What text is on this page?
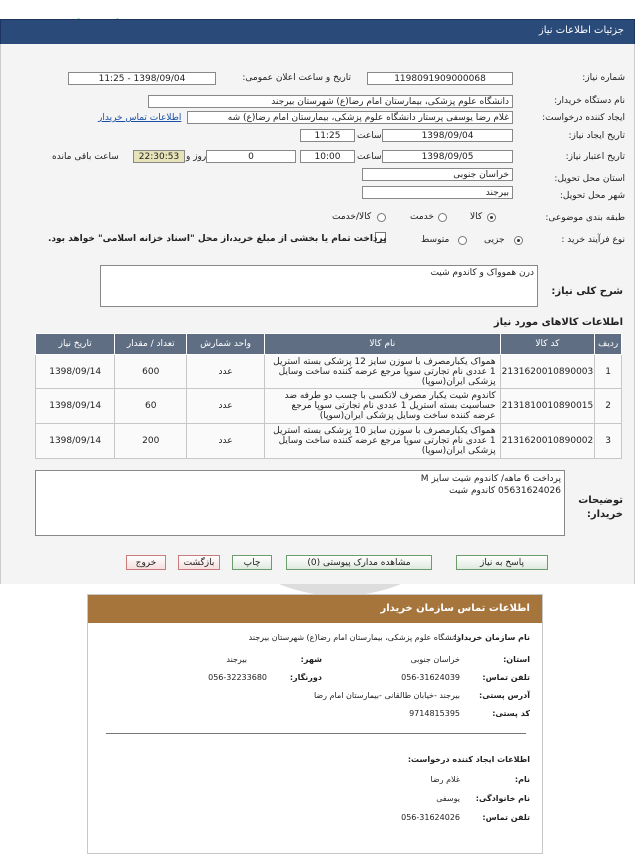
جزئیات اطلاعات نیاز
شماره نیاز:
1198091909000068
تاریخ و ساعت اعلان عمومی:
1398/09/04 - 11:25
نام دستگاه خریدار:
دانشگاه علوم پزشکی، بیمارستان امام رضا(ع) شهرستان بیرجند
ایجاد کننده درخواست:
غلام رضا یوسفی پرستار دانشگاه علوم پزشکی، بیمارستان امام رضا(ع) شه
اطلاعات تماس خریدار
تاریخ ایجاد نیاز:
1398/09/04
ساعت
11:25
تاریخ اعتبار نیاز:
1398/09/05
ساعت
10:00
0
روز و
22:30:53
ساعت باقی مانده
استان محل تحویل:
خراسان جنوبی
شهر محل تحویل:
بیرجند
طبقه بندی موضوعی:
کالا
خدمت
کالا/خدمت
نوع فرآیند خرید :
جزیی
متوسط
پرداخت تمام یا بخشی از مبلغ خرید،از محل "اسناد خزانه اسلامی" خواهد بود.
درن هموواک و کاندوم شیت
شرح کلی نیاز:
اطلاعات کالاهای مورد نیاز
ردیف	کد کالا	نام کالا	واحد شمارش	تعداد / مقدار	تاریخ نیاز
1	2131620010890003	همواک یکبارمصرف با سوزن سایز 12 پزشکی بسته استریل 1 عددی نام تجارتی سوپا مرجع عرضه کننده ساخت وسایل پزشکی ایران(سوپا)	عدد	600	1398/09/14
2	2131810010890015	کاندوم شیت یکبار مصرف لاتکسی با چسب دو طرفه ضد حساسیت بسته استریل 1 عددی نام تجارتی سوپا مرجع عرضه کننده ساخت وسایل پزشکی ایران(سوپا)	عدد	60	1398/09/14
3	2131620010890002	همواک یکبارمصرف با سوزن سایز 10 پزشکی بسته استریل 1 عددی نام تجارتی سوپا مرجع عرضه کننده ساخت وسایل پزشکی ایران(سوپا)	عدد	200	1398/09/14
پرداخت 6 ماهه/ کاندوم شیت سایز M
05631624026 کاندوم شیت
توضیحات خریدار:
پاسخ به نیاز
مشاهده مدارک پیوستی (0)
چاپ
بازگشت
خروج
اطلاعات تماس سازمان خریدار
نام سازمان خریدار:
دانشگاه علوم پزشکی، بیمارستان امام رضا(ع) شهرستان بیرجند
استان:
خراسان جنوبی
شهر:
بیرجند
تلفن تماس:
056-31624039
دورنگار:
056-32233680
آدرس پستی:
بیرجند -خیابان طالقانی -بیمارستان امام رضا
کد پستی:
9714815395
اطلاعات ایجاد کننده درخواست:
نام:
غلام رضا
نام خانوادگی:
یوسفی
تلفن تماس:
056-31624026
